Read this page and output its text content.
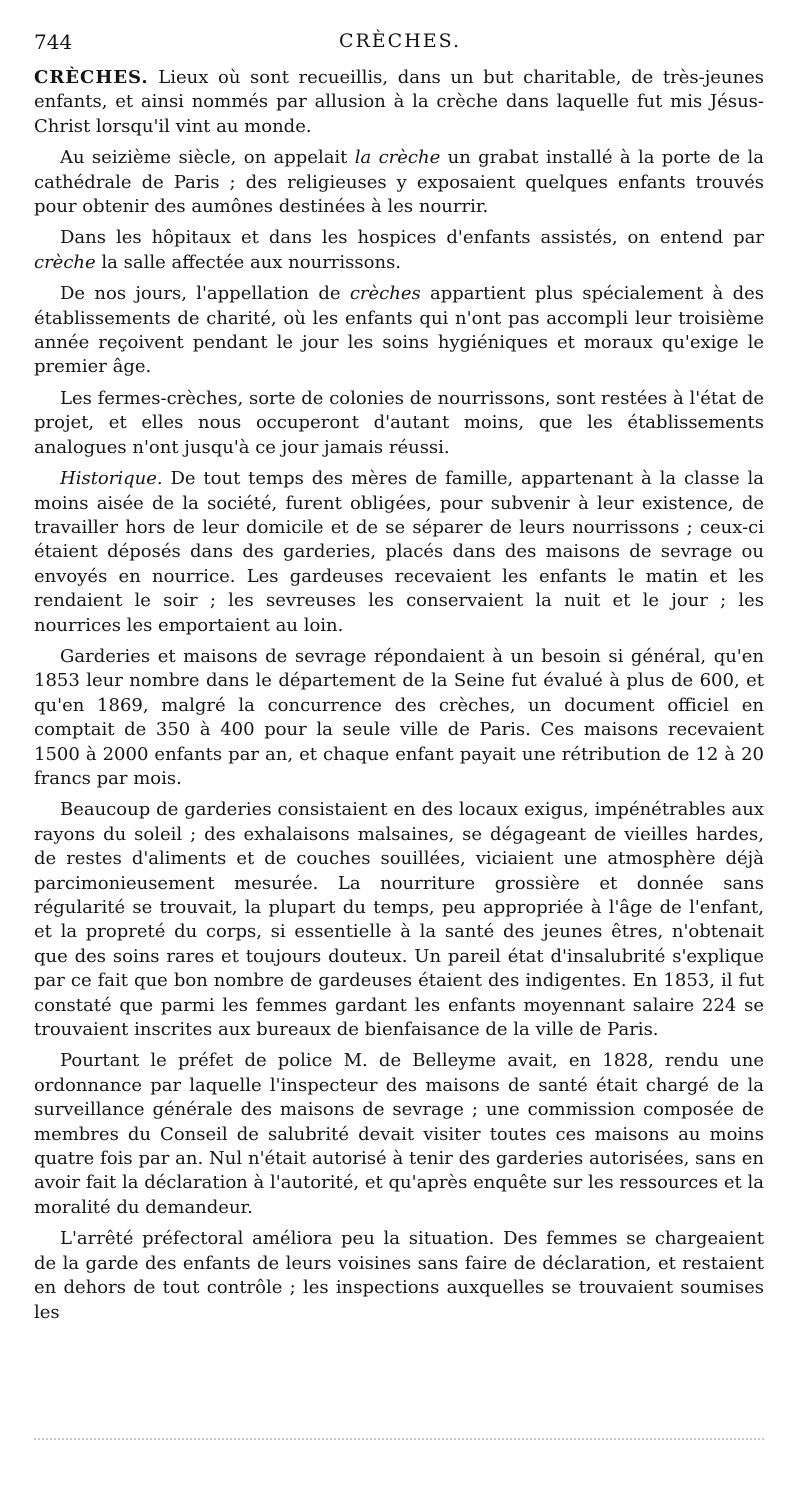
744	CRÈCHES.

CRÈCHES. Lieux où sont recueillis, dans un but charitable, de très-jeunes enfants, et ainsi nommés par allusion à la crèche dans laquelle fut mis Jésus-Christ lorsqu'il vint au monde.

Au seizième siècle, on appelait la crèche un grabat installé à la porte de la cathédrale de Paris ; des religieuses y exposaient quelques enfants trouvés pour obtenir des aumônes destinées à les nourrir.

Dans les hôpitaux et dans les hospices d'enfants assistés, on entend par crèche la salle affectée aux nourrissons.

De nos jours, l'appellation de crèches appartient plus spécialement à des établissements de charité, où les enfants qui n'ont pas accompli leur troisième année reçoivent pendant le jour les soins hygiéniques et moraux qu'exige le premier âge.

Les fermes-crèches, sorte de colonies de nourrissons, sont restées à l'état de projet, et elles nous occuperont d'autant moins, que les établissements analogues n'ont jusqu'à ce jour jamais réussi.

Historique. De tout temps des mères de famille, appartenant à la classe la moins aisée de la société, furent obligées, pour subvenir à leur existence, de travailler hors de leur domicile et de se séparer de leurs nourrissons ; ceux-ci étaient déposés dans des garderies, placés dans des maisons de sevrage ou envoyés en nourrice. Les gardeuses recevaient les enfants le matin et les rendaient le soir ; les sevreuses les conservaient la nuit et le jour ; les nourrices les emportaient au loin.

Garderies et maisons de sevrage répondaient à un besoin si général, qu'en 1853 leur nombre dans le département de la Seine fut évalué à plus de 600, et qu'en 1869, malgré la concurrence des crèches, un document officiel en comptait de 350 à 400 pour la seule ville de Paris. Ces maisons recevaient 1500 à 2000 enfants par an, et chaque enfant payait une rétribution de 12 à 20 francs par mois.

Beaucoup de garderies consistaient en des locaux exigus, impénétrables aux rayons du soleil ; des exhalaisons malsaines, se dégageant de vieilles hardes, de restes d'aliments et de couches souillées, viciaient une atmosphère déjà parcimonieusement mesurée. La nourriture grossière et donnée sans régularité se trouvait, la plupart du temps, peu appropriée à l'âge de l'enfant, et la propreté du corps, si essentielle à la santé des jeunes êtres, n'obtenait que des soins rares et toujours douteux. Un pareil état d'insalubrité s'explique par ce fait que bon nombre de gardeuses étaient des indigentes. En 1853, il fut constaté que parmi les femmes gardant les enfants moyennant salaire 224 se trouvaient inscrites aux bureaux de bienfaisance de la ville de Paris.

Pourtant le préfet de police M. de Belleyme avait, en 1828, rendu une ordonnance par laquelle l'inspecteur des maisons de santé était chargé de la surveillance générale des maisons de sevrage ; une commission composée de membres du Conseil de salubrité devait visiter toutes ces maisons au moins quatre fois par an. Nul n'était autorisé à tenir des garderies autorisées, sans en avoir fait la déclaration à l'autorité, et qu'après enquête sur les ressources et la moralité du demandeur.

L'arrêté préfectoral améliora peu la situation. Des femmes se chargeaient de la garde des enfants de leurs voisines sans faire de déclaration, et restaient en dehors de tout contrôle ; les inspections auxquelles se trouvaient soumises les
